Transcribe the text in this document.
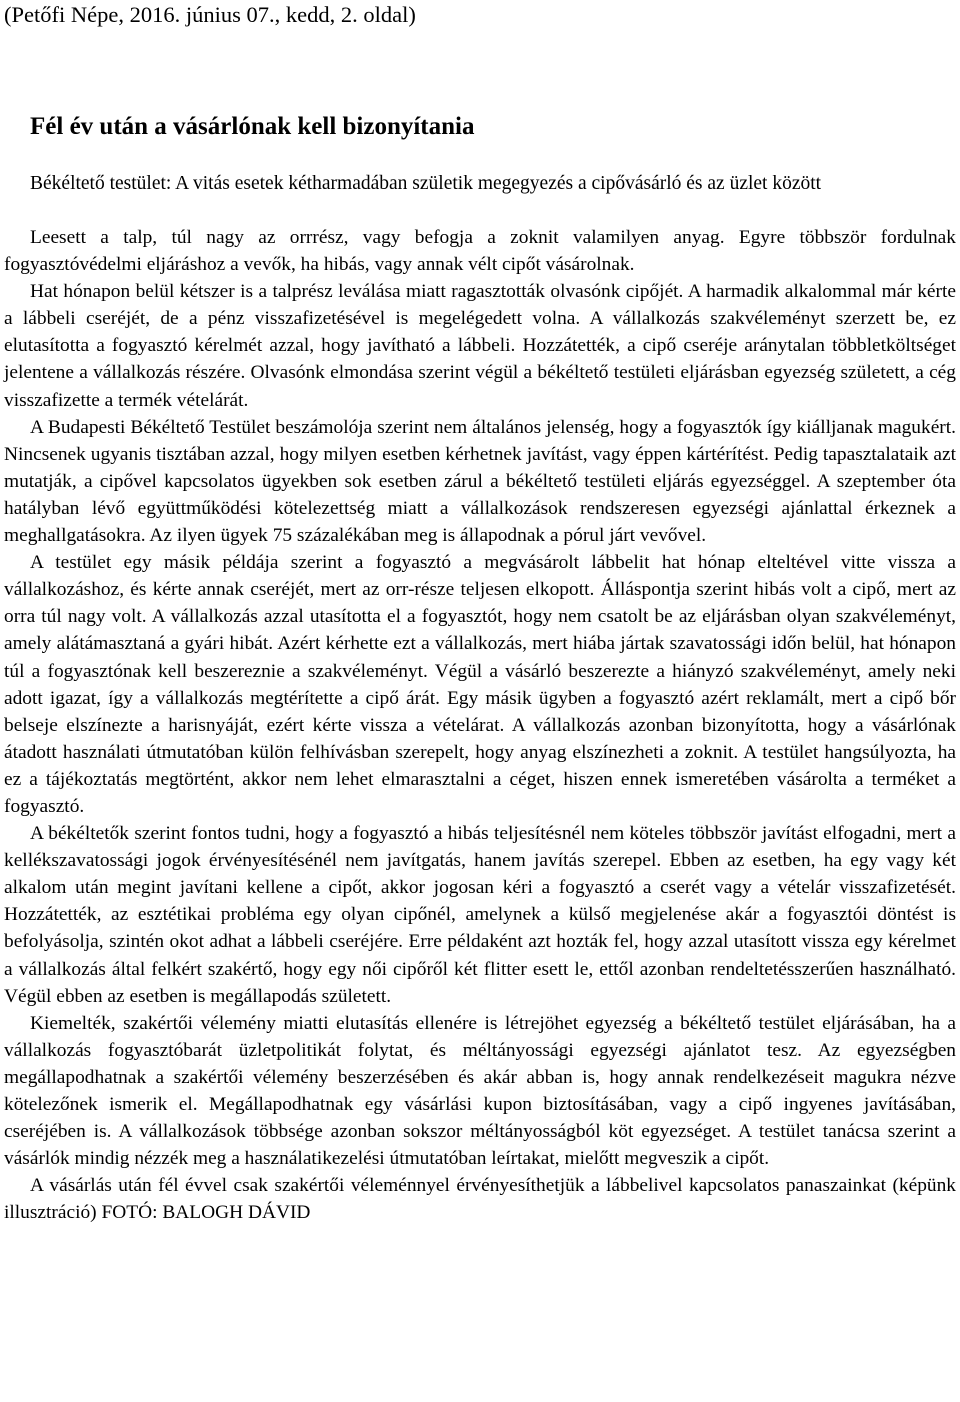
(Petőfi Népe, 2016. június 07., kedd, 2. oldal)
Fél év után a vásárlónak kell bizonyítania
Békéltető testület: A vitás esetek kétharmadában születik megegyezés a cipővásárló és az üzlet között

Leesett a talp, túl nagy az orrrész, vagy befogja a zoknit valamilyen anyag. Egyre többször fordulnak fogyasztóvédelmi eljáráshoz a vevők, ha hibás, vagy annak vélt cipőt vásárolnak.

Hat hónapon belül kétszer is a talprész leválása miatt ragasztották olvasónk cipőjét. A harmadik alkalommal már kérte a lábbeli cseréjét, de a pénz visszafizetésével is megelégedett volna. A vállalkozás szakvéleményt szerzett be, ez elutasította a fogyasztó kérelmét azzal, hogy javítható a lábbeli. Hozzátették, a cipő cseréje aránytalan többletköltséget jelentene a vállalkozás részére. Olvasónk elmondása szerint végül a békéltető testületi eljárásban egyezség született, a cég visszafizette a termék vételárát.

A Budapesti Békéltető Testület beszámolója szerint nem általános jelenség, hogy a fogyasztók így kiálljanak magukért. Nincsenek ugyanis tisztában azzal, hogy milyen esetben kérhetnek javítást, vagy éppen kártérítést. Pedig tapasztalataik azt mutatják, a cipővel kapcsolatos ügyekben sok esetben zárul a békéltető testületi eljárás egyezséggel. A szeptember óta hatályban lévő együttműködési kötelezettség miatt a vállalkozások rendszeresen egyezségi ajánlattal érkeznek a meghallgatásokra. Az ilyen ügyek 75 százalékában meg is állapodnak a pórul járt vevővel.

A testület egy másik példája szerint a fogyasztó a megvásárolt lábbelit hat hónap elteltével vitte vissza a vállalkozáshoz, és kérte annak cseréjét, mert az orr-része teljesen elkopott. Álláspontja szerint hibás volt a cipő, mert az orra túl nagy volt. A vállalkozás azzal utasította el a fogyasztót, hogy nem csatolt be az eljárásban olyan szakvéleményt, amely alátámasztaná a gyári hibát. Azért kérhette ezt a vállalkozás, mert hiába jártak szavatossági időn belül, hat hónapon túl a fogyasztónak kell beszereznie a szakvéleményt. Végül a vásárló beszerezte a hiányzó szakvéleményt, amely neki adott igazat, így a vállalkozás megtérítette a cipő árát. Egy másik ügyben a fogyasztó azért reklamált, mert a cipő bőr belseje elszínezte a harisnyáját, ezért kérte vissza a vételárat. A vállalkozás azonban bizonyította, hogy a vásárlónak átadott használati útmutatóban külön felhívásban szerepelt, hogy anyag elszínezheti a zoknit. A testület hangsúlyozta, ha ez a tájékoztatás megtörtént, akkor nem lehet elmarasztalni a céget, hiszen ennek ismeretében vásárolta a terméket a fogyasztó.

A békéltetők szerint fontos tudni, hogy a fogyasztó a hibás teljesítésnél nem köteles többször javítást elfogadni, mert a kellékszavatossági jogok érvényesítésénél nem javítgatás, hanem javítás szerepel. Ebben az esetben, ha egy vagy két alkalom után megint javítani kellene a cipőt, akkor jogosan kéri a fogyasztó a cserét vagy a vételár visszafizetését. Hozzátették, az esztétikai probléma egy olyan cipőnél, amelynek a külső megjelenése akár a fogyasztói döntést is befolyásolja, szintén okot adhat a lábbeli cseréjére. Erre példaként azt hozták fel, hogy azzal utasított vissza egy kérelmet a vállalkozás által felkért szakértő, hogy egy női cipőről két flitter esett le, ettől azonban rendeltetésszerűen használható. Végül ebben az esetben is megállapodás született.

Kiemelték, szakértői vélemény miatti elutasítás ellenére is létrejöhet egyezség a békéltető testület eljárásában, ha a vállalkozás fogyasztóbarát üzletpolitikát folytat, és méltányossági egyezségi ajánlatot tesz. Az egyezségben megállapodhatnak a szakértői vélemény beszerzésében és akár abban is, hogy annak rendelkezéseit magukra nézve kötelezőnek ismerik el. Megállapodhatnak egy vásárlási kupon biztosításában, vagy a cipő ingyenes javításában, cseréjében is. A vállalkozások többsége azonban sokszor méltányosságból köt egyezséget. A testület tanácsa szerint a vásárlók mindig nézzék meg a használatikezelési útmutatóban leírtakat, mielőtt megveszik a cipőt.

A vásárlás után fél évvel csak szakértői véleménnyel érvényesíthetjük a lábbelivel kapcsolatos panaszainkat (képünk illusztráció) FOTÓ: BALOGH DÁVID
